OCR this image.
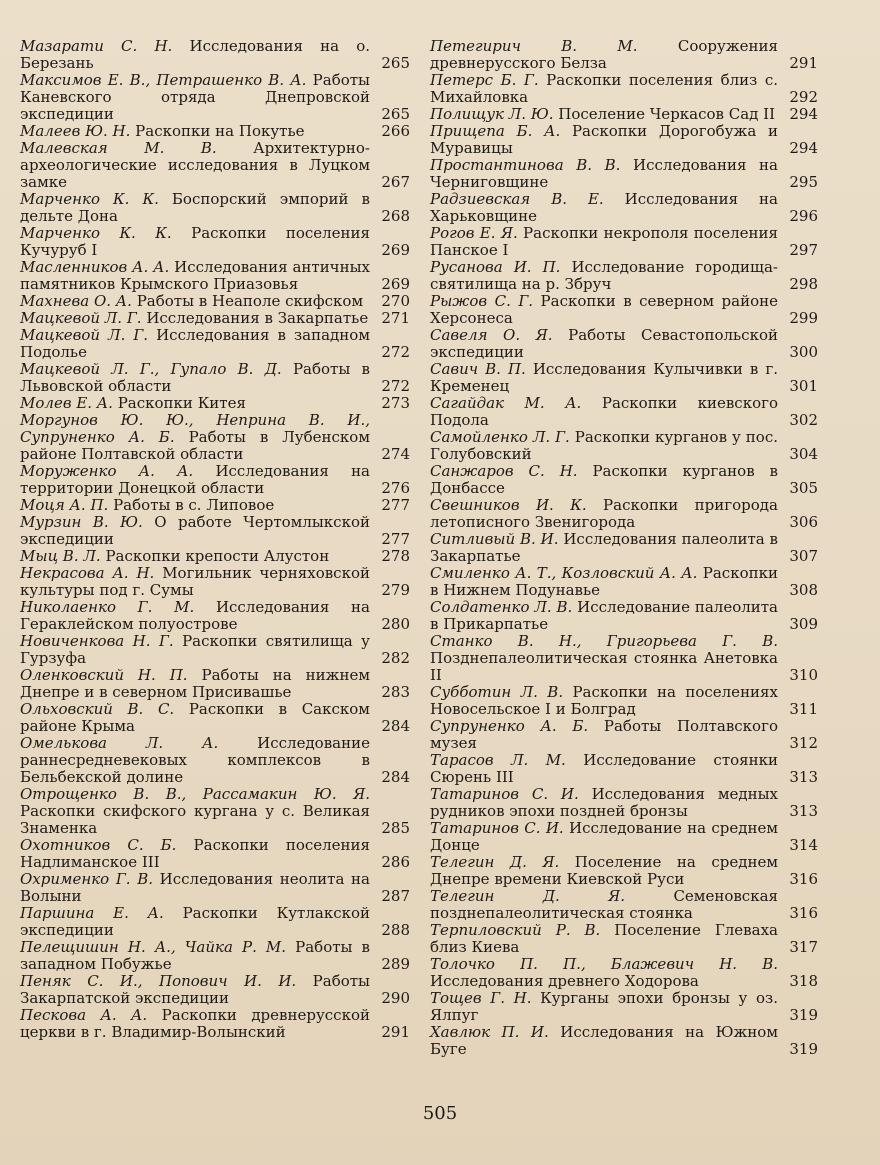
Мазарати С. Н. Исследования на о. Березань	265
Максимов Е. В., Петрашенко В. А. Работы Каневского отряда Днепровской экспедиции	265
Малеев Ю. Н. Раскопки на Покутье	266
Малевская М. В. Архитектурно-археологические исследования в Луцком замке	267
Марченко К. К. Боспорский эмпорий в дельте Дона	268
Марченко К. К. Раскопки поселения Кучуруб I	269
Масленников А. А. Исследования античных памятников Крымского Приазовья	269
Махнева О. А. Работы в Неаполе скифском	270
Мацкевой Л. Г. Исследования в Закарпатье 271
Мацкевой Л. Г. Исследования в западном Подолье	272
Мацкевой Л. Г., Гупало В. Д. Работы в Львовской области	272
Молев Е. А. Раскопки Китея	273
Моргунов Ю. Ю., Неприна В. И., Супруненко А. Б. Работы в Лубенском районе Полтавской области	274
Моруженко А. А. Исследования на территории Донецкой области	276
Моця А. П. Работы в с. Липовое	277
Мурзин В. Ю. О работе Чертомлыкской экспедиции	277
Мыц В. Л. Раскопки крепости Алустон	278
Некрасова А. Н. Могильник черняховской культуры под г. Сумы	279
Николаенко Г. М. Исследования на Гераклейском полуострове	280
Новиченкова Н. Г. Раскопки святилища у Гурзуфа	282
Оленковский Н. П. Работы на нижнем Днепре и в северном Присивашье	283
Ольховский В. С. Раскопки в Сакском районе Крыма	284
Омелькова Л. А.	Исследование раннесредневековых комплексов в Бельбекской долине	284
Отрощенко В. В., Рассамакин Ю. Я. Раскопки скифского кургана у с. Великая Знаменка	285
Охотников С. Б. Раскопки поселения Надлиманское III	286
Охрименко Г. В. Исследования неолита на Волыни	287
Паршина Е. А. Раскопки Кутлакской экспедиции	288
Пелещишин Н. А., Чайка Р. М. Работы в западном Побужье	289
Пеняк С. И., Попович И. И. Работы Закарпатской экспедиции	290
Пескова А. А. Раскопки древнерусской церкви в г. Владимир-Волынский	291
Петегирич В. М.	Сооружения древнерусского Белза	291
Петерс Б. Г. Раскопки поселения близ с. Михайловка	292
Полищук Л. Ю. Поселение Черкасов Сад II 294
Прищепа Б. А. Раскопки Дорогобужа и Муравицы	294
Простантинова В. В. Исследования на Черниговщине	295
Радзиевская В. Е. Исследования на Харьковщине	296
Рогов Е. Я. Раскопки некрополя поселения Панское I	297
Русанова И. П. Исследование городища-святилища на р. Збруч	298
Рыжов С. Г. Раскопки в северном районе Херсонеса	299
Савеля О. Я. Работы Севастопольской экспедиции	300
Савич В. П. Исследования Кулычивки в г. Кременец	301
Сагайдак М. А. Раскопки киевского Подола	302
Самойленко Л. Г. Раскопки курганов у пос. Голубовский	304
Санжаров С. Н. Раскопки курганов в Донбассе	305
Свешников И. К. Раскопки пригорода летописного Звенигорода	306
Ситливый В. И. Исследования палеолита в Закарпатье	307
Смиленко А. Т., Козловский А. А. Раскопки в Нижнем Подунавье	308
Солдатенко Л. В. Исследование палеолита в Прикарпатье	309
Станко В. Н., Григорьева Г. В. Позднепалеолитическая стоянка Анетовка II	310
Субботин Л. В. Раскопки на поселениях Новосельское I и Болград	311
Супруненко А. Б. Работы Полтавского музея	312
Тарасов Л. М. Исследование стоянки Сюрень III	313
Татаринов С. И. Исследования медных рудников эпохи поздней бронзы	313
Татаринов С. И. Исследование на среднем Донце	314
Телегин Д. Я. Поселение на среднем Днепре времени Киевской Руси	316
Телегин Д. Я.	Семеновская позднепалеолитическая стоянка	316
Терпиловский Р. В. Поселение Глеваха близ Киева	317
Толочко П. П., Блажевич Н. В. Исследования древнего Ходорова	318
Тощев Г. Н. Курганы эпохи бронзы у оз. Ялпуг	319
Хавлюк П. И. Исследования на Южном Буге	319
505
